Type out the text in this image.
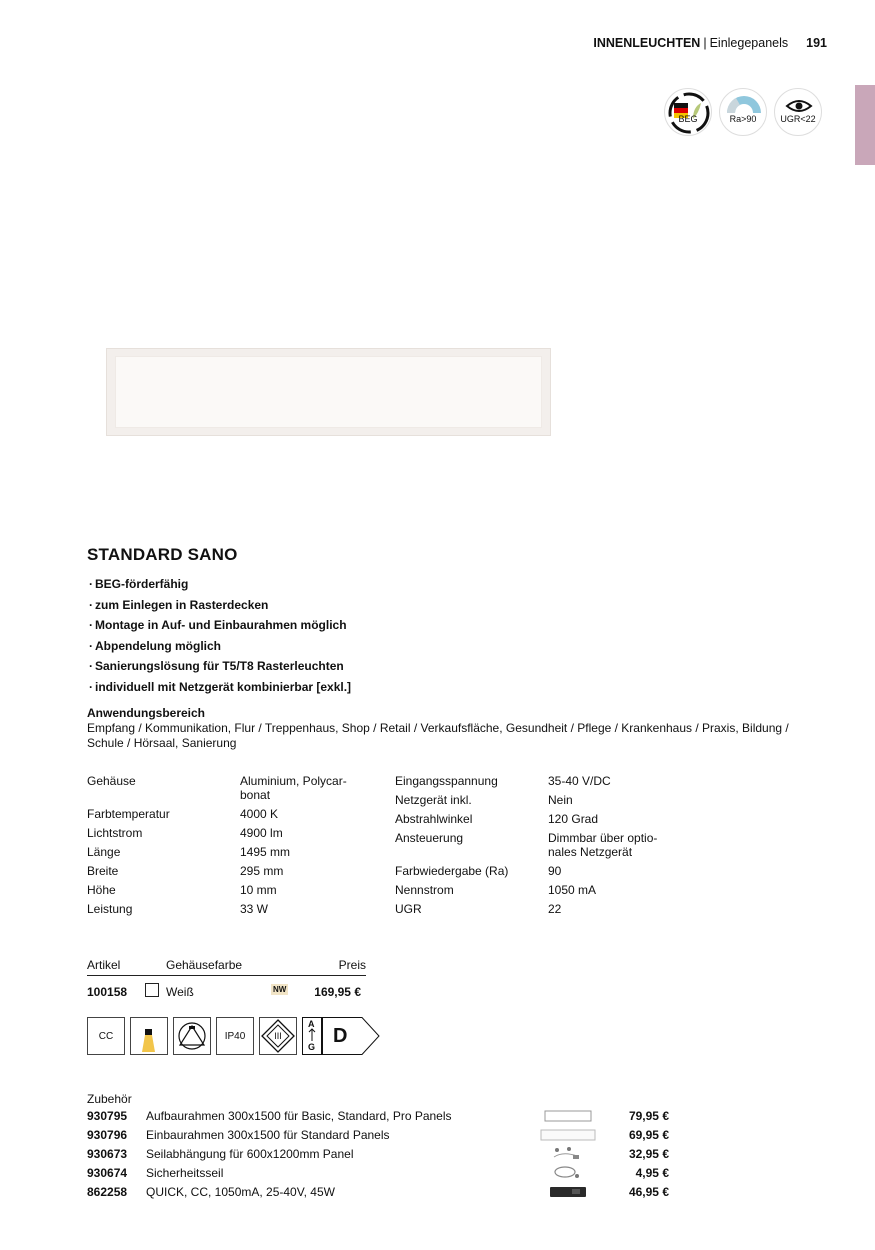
INNENLEUCHTEN | Einlegepanels 191
BEG	Ra>90	UGR<22
STANDARD SANO
· BEG-förderfähig
· zum Einlegen in Rasterdecken
· Montage in Auf- und Einbaurahmen möglich
· Abpendelung möglich
· Sanierungslösung für T5/T8 Rasterleuchten
· individuell mit Netzgerät kombinierbar [exkl.]
Anwendungsbereich
Empfang / Kommunikation, Flur / Treppenhaus, Shop / Retail / Verkaufsfläche, Gesundheit / Pflege / Krankenhaus / Praxis, Bildung / Schule / Hörsaal, Sanierung
Gehäuse	Aluminium, Polycar-
bonat
Farbtemperatur	4000 K
Lichtstrom	4900 lm
Länge	1495 mm
Breite	295 mm
Höhe	10 mm
Leistung	33 W
Eingangsspannung	35-40 V/DC
Netzgerät inkl.	Nein
Abstrahlwinkel	120 Grad
Ansteuerung	Dimmbar über optio-
nales Netzgerät
Farbwiedergabe (Ra)	90
Nennstrom	1050 mA
UGR	22
Artikel	Gehäusefarbe	Preis
100158	Weiß	NW 169,95 €
CC	IP40	III
A
G D
Zubehör
930795 Aufbaurahmen 300x1500 für Basic, Standard, Pro Panels	79,95 €
930796 Einbaurahmen 300x1500 für Standard Panels	69,95 €
930673 Seilabhängung für 600x1200mm Panel	32,95 €
930674 Sicherheitsseil	4,95 €
862258 QUICK, CC, 1050mA, 25-40V, 45W	46,95 €
